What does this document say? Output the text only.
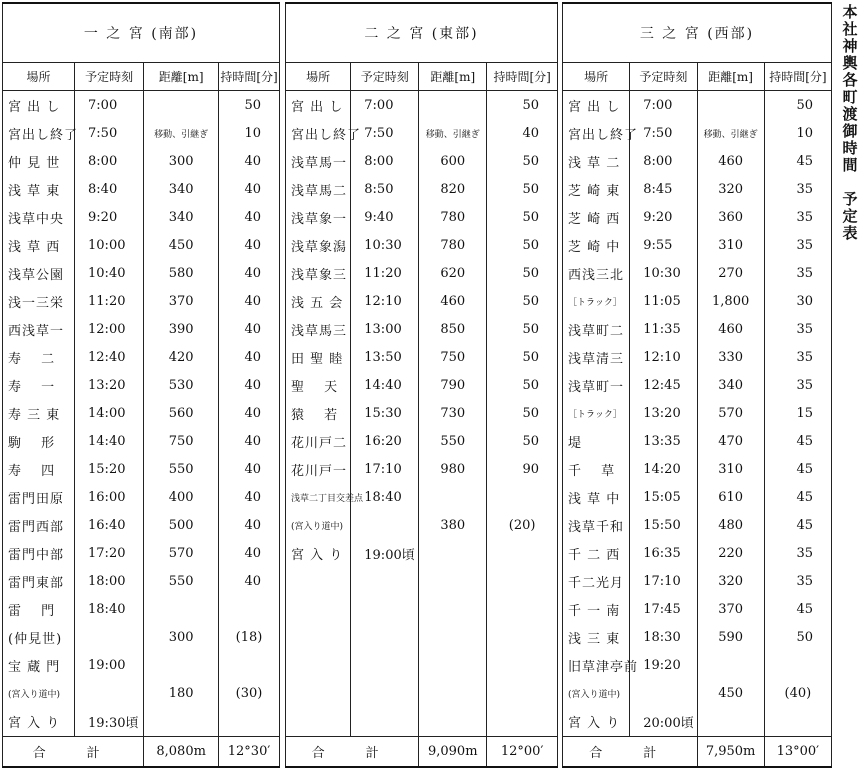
一 之 宮 (南部)			
場所	予定時刻	距離[m]	持時間[分]
宮 出 し	7:00		50
宮出し終了	7:50	移動、引継ぎ	10
仲 見 世	8:00	300	40
浅 草 東	8:40	340	40
浅草中央	9:20	340	40
浅 草 西	10:00	450	40
浅草公園	10:40	580	40
浅一三栄	11:20	370	40
西浅草一	12:00	390	40
寿　 二	12:40	420	40
寿　 一	13:20	530	40
寿 三 東	14:00	560	40
駒　 形	14:40	750	40
寿　 四	15:20	550	40
雷門田原	16:00	400	40
雷門西部	16:40	500	40
雷門中部	17:20	570	40
雷門東部	18:00	550	40
雷　 門	18:40		
(仲見世)		300	(18)
宝 蔵 門	19:00		
(宮入り道中)		180	(30)
宮 入 り	19:30頃		
合　計		8,080m	12°30′
二 之 宮 (東部)			
場所	予定時刻	距離[m]	持時間[分]
宮 出 し	7:00		50
宮出し終了	7:50	移動、引継ぎ	40
浅草馬一	8:00	600	50
浅草馬二	8:50	820	50
浅草象一	9:40	780	50
浅草象潟	10:30	780	50
浅草象三	11:20	620	50
浅 五 会	12:10	460	50
浅草馬三	13:00	850	50
田 聖 睦	13:50	750	50
聖　 天	14:40	790	50
猿　 若	15:30	730	50
花川戸二	16:20	550	50
花川戸一	17:10	980	90
浅草二丁目交差点	18:40		
(宮入り道中)		380	(20)
宮 入 り	19:00頃		

合　計		9,090m	12°00′
三 之 宮 (西部)			
場所	予定時刻	距離[m]	持時間[分]
宮 出 し	7:00		50
宮出し終了	7:50	移動、引継ぎ	10
浅 草 二	8:00	460	45
芝 崎 東	8:45	320	35
芝 崎 西	9:20	360	35
芝 崎 中	9:55	310	35
西浅三北	10:30	270	35
［トラック］	11:05	1,800	30
浅草町二	11:35	460	35
浅草清三	12:10	330	35
浅草町一	12:45	340	35
［トラック］	13:20	570	15
堤	13:35	470	45
千　 草	14:20	310	45
浅 草 中	15:05	610	45
浅草千和	15:50	480	45
千 二 西	16:35	220	35
千二光月	17:10	320	35
千 一 南	17:45	370	45
浅 三 東	18:30	590	50
旧草津亭前	19:20		
(宮入り道中)		450	(40)
宮 入 り	20:00頃		
合　計		7,950m	13°00′
本
社
神
輿
各
町
渡
御
時
間

予
定
表
